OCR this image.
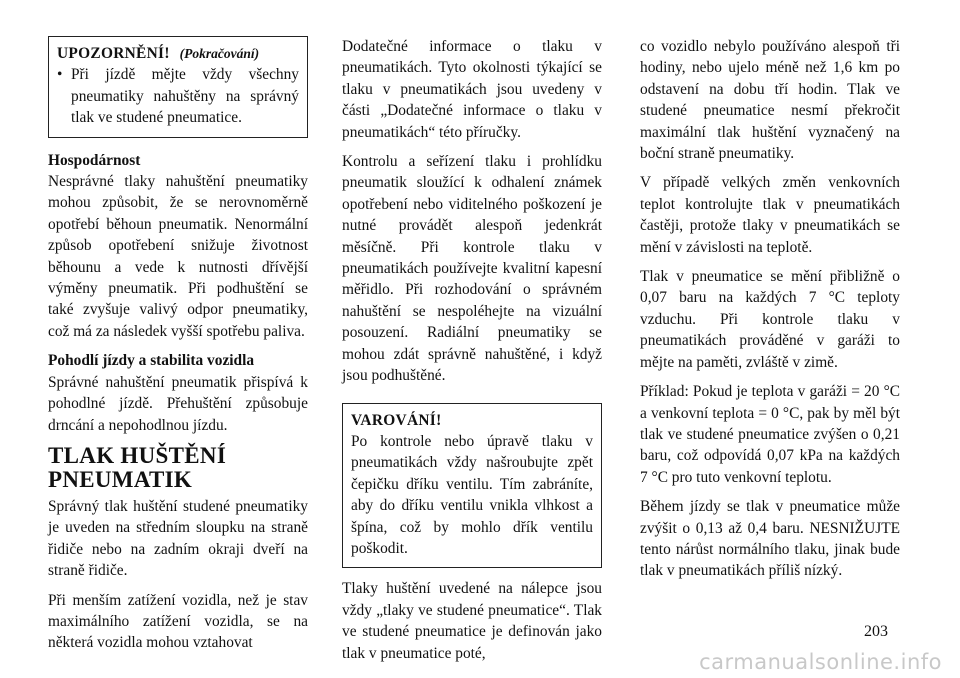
UPOZORNĚNÍ! (Pokračování)
• Při jízdě mějte vždy všechny pneumatiky nahuštěny na správný tlak ve studené pneumatice.
Hospodárnost

Nesprávné tlaky nahuštění pneumatiky mohou způsobit, že se nerovnoměrně opotřebí běhoun pneumatik. Nenormální způsob opotřebení snižuje životnost běhounu a vede k nutnosti dřívější výměny pneumatik. Při podhuštění se také zvyšuje valivý odpor pneumatiky, což má za následek vyšší spotřebu paliva.

Pohodlí jízdy a stabilita vozidla

Správné nahuštění pneumatik přispívá k pohodlné jízdě. Přehuštění způsobuje drncání a nepohodlnou jízdu.

TLAK HUŠTĚNÍ PNEUMATIK

Správný tlak huštění studené pneumatiky je uveden na středním sloupku na straně řidiče nebo na zadním okraji dveří na straně řidiče.

Při menším zatížení vozidla, než je stav maximálního zatížení vozidla, se na některá vozidla mohou vztahovat

Dodatečné informace o tlaku v pneumatikách. Tyto okolnosti týkající se tlaku v pneumatikách jsou uvedeny v části „Dodatečné informace o tlaku v pneumatikách“ této příručky.

Kontrolu a seřízení tlaku i prohlídku pneumatik sloužící k odhalení známek opotřebení nebo viditelného poškození je nutné provádět alespoň jedenkrát měsíčně. Při kontrole tlaku v pneumatikách používejte kvalitní kapesní měřidlo. Při rozhodování o správném nahuštění se nespoléhejte na vizuální posouzení. Radiální pneumatiky se mohou zdát správně nahuštěné, i když jsou podhuštěné.

VAROVÁNÍ!

Po kontrole nebo úpravě tlaku v pneumatikách vždy našroubujte zpět čepičku dříku ventilu. Tím zabráníte, aby do dříku ventilu vnikla vlhkost a špína, což by mohlo dřík ventilu poškodit.

Tlaky huštění uvedené na nálepce jsou vždy „tlaky ve studené pneumatice“. Tlak ve studené pneumatice je definován jako tlak v pneumatice poté,

co vozidlo nebylo používáno alespoň tři hodiny, nebo ujelo méně než 1,6 km po odstavení na dobu tří hodin. Tlak ve studené pneumatice nesmí překročit maximální tlak huštění vyznačený na boční straně pneumatiky.

V případě velkých změn venkovních teplot kontrolujte tlak v pneumatikách častěji, protože tlaky v pneumatikách se mění v závislosti na teplotě.

Tlak v pneumatice se mění přibližně o 0,07 baru na každých 7 °C teploty vzduchu. Při kontrole tlaku v pneumatikách prováděné v garáži to mějte na paměti, zvláště v zimě.

Příklad: Pokud je teplota v garáži = 20 °C a venkovní teplota = 0 °C, pak by měl být tlak ve studené pneumatice zvýšen o 0,21 baru, což odpovídá 0,07 kPa na každých 7 °C pro tuto venkovní teplotu.

Během jízdy se tlak v pneumatice může zvýšit o 0,13 až 0,4 baru. NESNIŽUJTE tento nárůst normálního tlaku, jinak bude tlak v pneumatikách příliš nízký.

203
carmanualsonline.info
